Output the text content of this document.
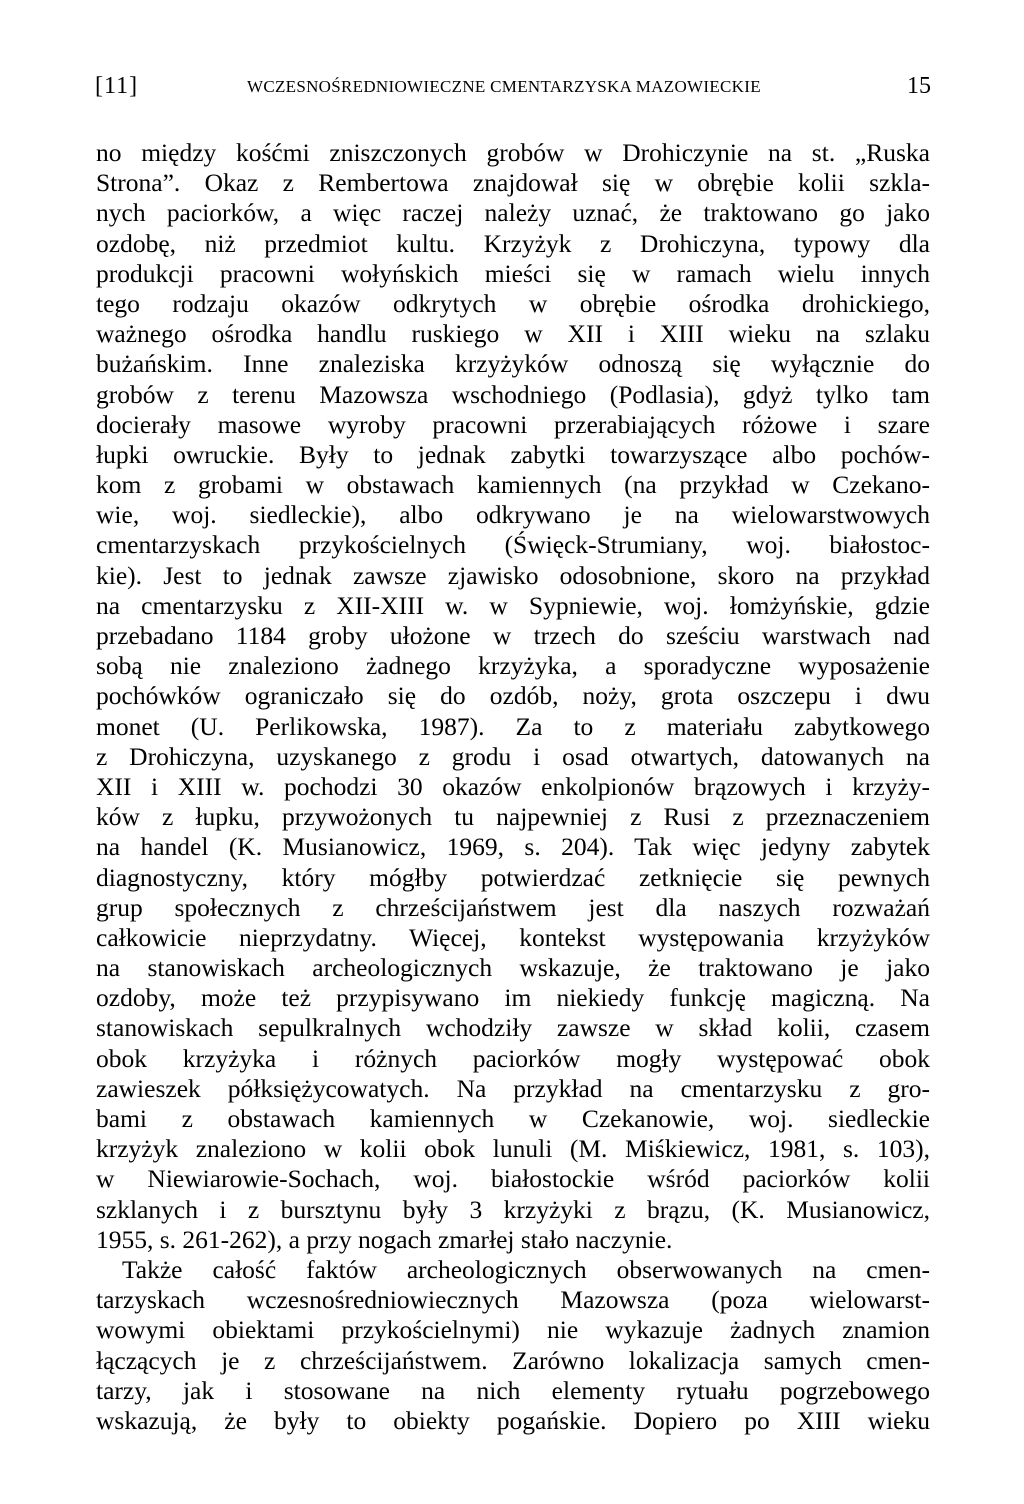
[11]	WCZESNOŚREDNIOWIECZNE CMENTARZYSKA MAZOWIECKIE	15
no między kośćmi zniszczonych grobów w Drohiczynie na st. „Ruska
Strona”. Okaz z Rembertowa znajdował się w obrębie kolii szkla-
nych paciorków, a więc raczej należy uznać, że traktowano go jako
ozdobę, niż przedmiot kultu. Krzyżyk z Drohiczyna, typowy dla
produkcji pracowni wołyńskich mieści się w ramach wielu innych
tego rodzaju okazów odkrytych w obrębie ośrodka drohickiego,
ważnego ośrodka handlu ruskiego w XII i XIII wieku na szlaku
bużańskim. Inne znaleziska krzyżyków odnoszą się wyłącznie do
grobów z terenu Mazowsza wschodniego (Podlasia), gdyż tylko tam
docierały masowe wyroby pracowni przerabiających różowe i szare
łupki owruckie. Były to jednak zabytki towarzyszące albo pochów-
kom z grobami w obstawach kamiennych (na przykład w Czekano-
wie, woj. siedleckie), albo odkrywano je na wielowarstwowych
cmentarzyskach przykościelnych (Święck-Strumiany, woj. białostoc-
kie). Jest to jednak zawsze zjawisko odosobnione, skoro na przykład
na cmentarzysku z XII-XIII w. w Sypniewie, woj. łomżyńskie, gdzie
przebadano 1184 groby ułożone w trzech do sześciu warstwach nad
sobą nie znaleziono żadnego krzyżyka, a sporadyczne wyposażenie
pochówków ograniczało się do ozdób, noży, grota oszczepu i dwu
monet (U. Perlikowska, 1987). Za to z materiału zabytkowego
z Drohiczyna, uzyskanego z grodu i osad otwartych, datowanych na
XII i XIII w. pochodzi 30 okazów enkolpionów brązowych i krzyży-
ków z łupku, przywożonych tu najpewniej z Rusi z przeznaczeniem
na handel (K. Musianowicz, 1969, s. 204). Tak więc jedyny zabytek
diagnostyczny, który mógłby potwierdzać zetknięcie się pewnych
grup społecznych z chrześcijaństwem jest dla naszych rozważań
całkowicie nieprzydatny. Więcej, kontekst występowania krzyżyków
na stanowiskach archeologicznych wskazuje, że traktowano je jako
ozdoby, może też przypisywano im niekiedy funkcję magiczną. Na
stanowiskach sepulkralnych wchodziły zawsze w skład kolii, czasem
obok krzyżyka i różnych paciorków mogły występować obok
zawieszek półksiężycowatych. Na przykład na cmentarzysku z gro-
bami z obstawach kamiennych w Czekanowie, woj. siedleckie
krzyżyk znaleziono w kolii obok lunuli (M. Miśkiewicz, 1981, s. 103),
w Niewiarowie-Sochach, woj. białostockie wśród paciorków kolii
szklanych i z bursztynu były 3 krzyżyki z brązu, (K. Musianowicz,
1955, s. 261-262), a przy nogach zmarłej stało naczynie.
Także całość faktów archeologicznych obserwowanych na cmen-
tarzyskach wczesnośredniowiecznych Mazowsza (poza wielowarst-
wowymi obiektami przykościelnymi) nie wykazuje żadnych znamion
łączących je z chrześcijaństwem. Zarówno lokalizacja samych cmen-
tarzy, jak i stosowane na nich elementy rytuału pogrzebowego
wskazują, że były to obiekty pogańskie. Dopiero po XIII wieku
